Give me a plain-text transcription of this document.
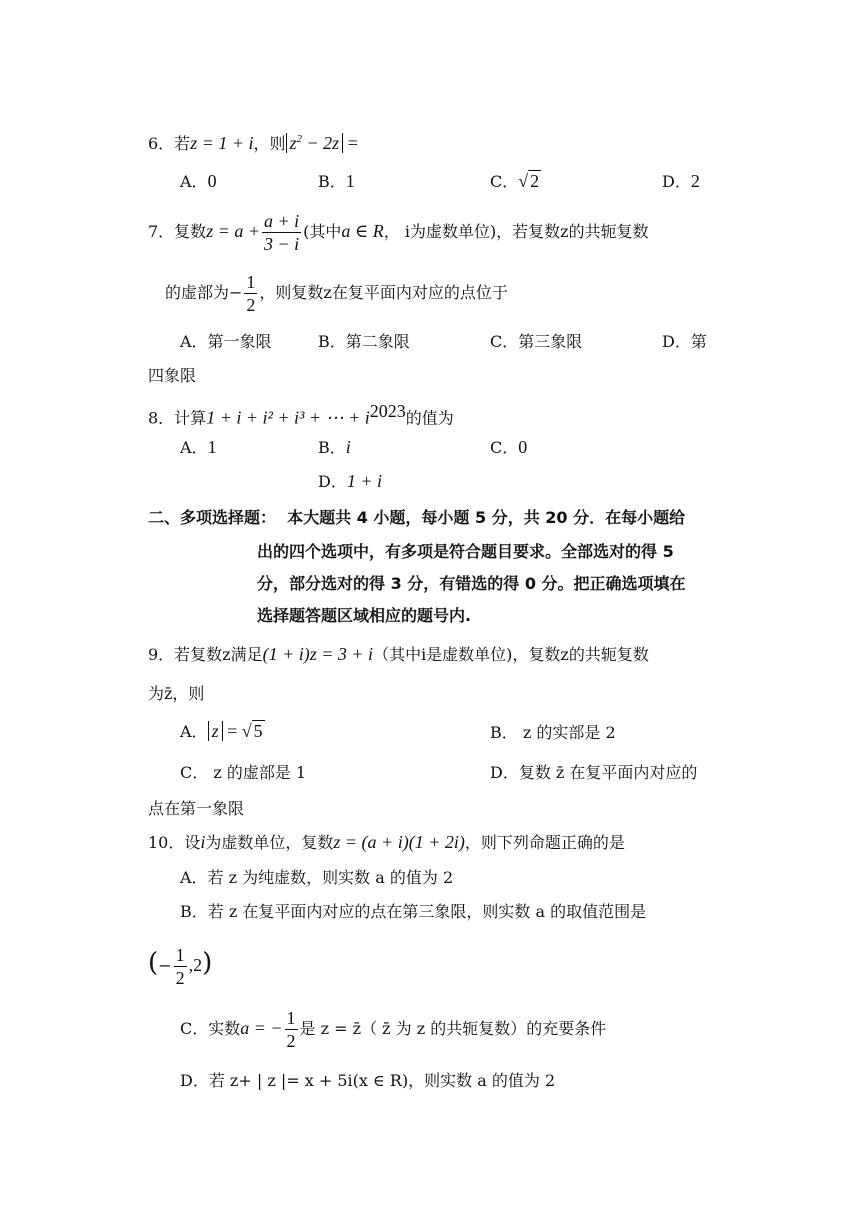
6．若z = 1 + i，则 $z^2 - 2z$ =
A．0	B．1	C．√ 2	D．2
7．复数$z = a + \frac{a + i}{3 - i}$ (其中a ∈ R， i为虚数单位)，若复数z的共轭复数
的虚部为− $\frac{1}{2}$ ，则复数z在复平面内对应的点位于
A．第一象限	B．第二象限	C．第三象限	D．第
四象限
8．计算1 + i + i² + i³ + ⋯ + $i^{2023}$的值为
A．1	B．i	C．0
D．1 + i
二、多项选择题： 本大题共 4 小题，每小题 5 分，共 20 分．在每小题给
出的四个选项中，有多项是符合题目要求。全部选对的得 5
分，部分选对的得 3 分，有错选的得 0 分。把正确选项填在
选择题答题区域相应的题号内.
9．若复数z满足(1 + i)z = 3 + i（其中i是虚数单位)，复数z的共轭复数
为z̄，则
A． z = √ 5	B． z 的实部是 2
C． z 的虚部是 1	D．复数 z̄ 在复平面内对应的
点在第一象限
10．设i为虚数单位，复数z = (a + i)(1 + 2i)，则下列命题正确的是
A．若 z 为纯虚数，则实数 a 的值为 2
B．若 z 在复平面内对应的点在第三象限，则实数 a 的取值范围是
(− $\frac{1}{2} ,2$)
C．实数a = − $\frac{1}{2}$ 是 z = z̄（ z̄ 为 z 的共轭复数）的充要条件
D．若 z+ | z |= x + 5i(x ∈ R)，则实数 a 的值为 2
